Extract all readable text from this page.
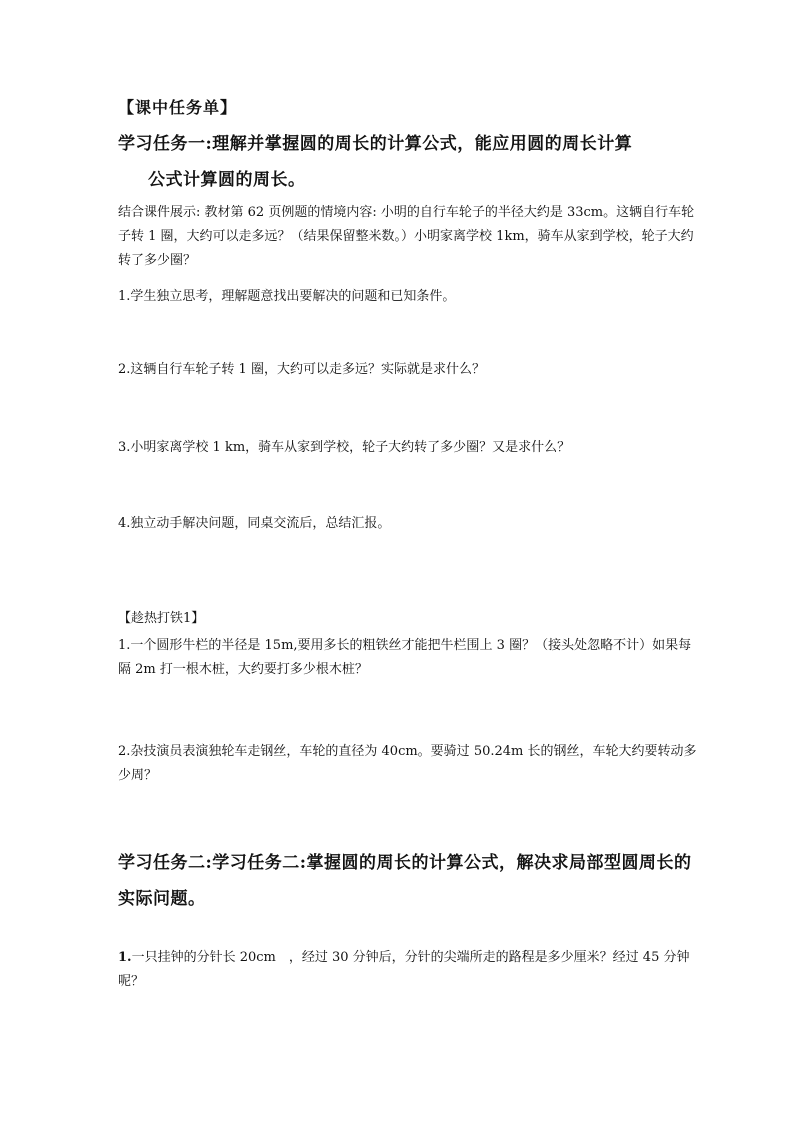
【课中任务单】

学习任务一:理解并掌握圆的周长的计算公式，能应用圆的周长计算
公式计算圆的周长。

结合课件展示: 教材第 62 页例题的情境内容: 小明的自行车轮子的半径大约是 33cm。这辆自行车轮子转 1 圈，大约可以走多远？（结果保留整米数。）小明家离学校 1km，骑车从家到学校，轮子大约转了多少圈？

1.学生独立思考，理解题意找出要解决的问题和已知条件。

2.这辆自行车轮子转 1 圈，大约可以走多远？实际就是求什么？

3.小明家离学校 1 km，骑车从家到学校，轮子大约转了多少圈？又是求什么？

4.独立动手解决问题，同桌交流后，总结汇报。

【趁热打铁1】

1.一个圆形牛栏的半径是 15m,要用多长的粗铁丝才能把牛栏围上 3 圈？（接头处忽略不计）如果每隔 2m 打一根木桩，大约要打多少根木桩？

2.杂技演员表演独轮车走钢丝，车轮的直径为 40cm。要骑过 50.24m 长的钢丝，车轮大约要转动多少周？

学习任务二:学习任务二:掌握圆的周长的计算公式，解决求局部型圆周长的实际问题。

1.一只挂钟的分针长 20cm　，经过 30 分钟后，分针的尖端所走的路程是多少厘米？经过 45 分钟呢？
